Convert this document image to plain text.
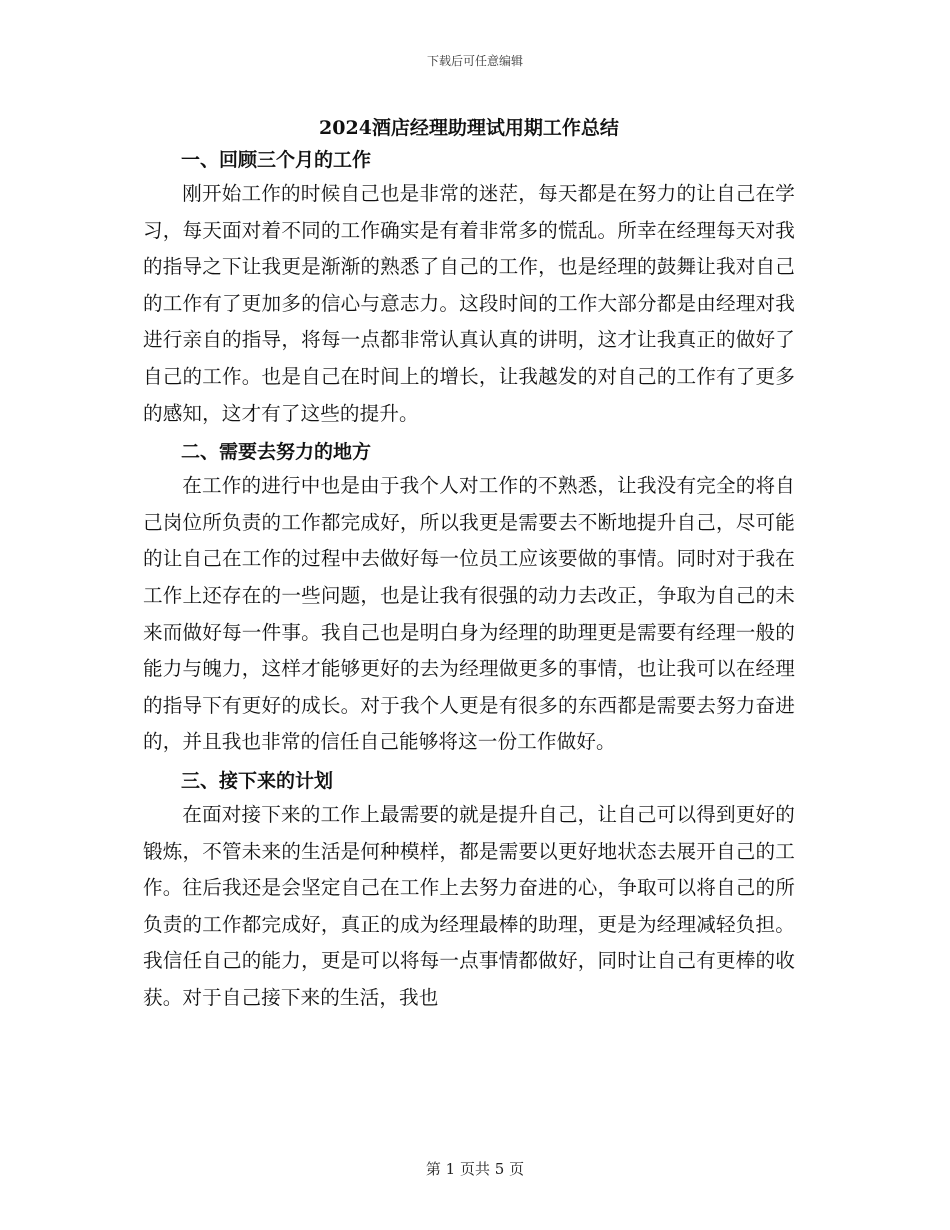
下载后可任意编辑
2024酒店经理助理试用期工作总结
一、回顾三个月的工作

刚开始工作的时候自己也是非常的迷茫，每天都是在努力的让自己在学习，每天面对着不同的工作确实是有着非常多的慌乱。所幸在经理每天对我的指导之下让我更是渐渐的熟悉了自己的工作，也是经理的鼓舞让我对自己的工作有了更加多的信心与意志力。这段时间的工作大部分都是由经理对我进行亲自的指导，将每一点都非常认真认真的讲明，这才让我真正的做好了自己的工作。也是自己在时间上的增长，让我越发的对自己的工作有了更多的感知，这才有了这些的提升。

二、需要去努力的地方

在工作的进行中也是由于我个人对工作的不熟悉，让我没有完全的将自己岗位所负责的工作都完成好，所以我更是需要去不断地提升自己，尽可能的让自己在工作的过程中去做好每一位员工应该要做的事情。同时对于我在工作上还存在的一些问题，也是让我有很强的动力去改正，争取为自己的未来而做好每一件事。我自己也是明白身为经理的助理更是需要有经理一般的能力与魄力，这样才能够更好的去为经理做更多的事情，也让我可以在经理的指导下有更好的成长。对于我个人更是有很多的东西都是需要去努力奋进的，并且我也非常的信任自己能够将这一份工作做好。

三、接下来的计划

在面对接下来的工作上最需要的就是提升自己，让自己可以得到更好的锻炼，不管未来的生活是何种模样，都是需要以更好地状态去展开自己的工作。往后我还是会坚定自己在工作上去努力奋进的心，争取可以将自己的所负责的工作都完成好，真正的成为经理最棒的助理，更是为经理减轻负担。我信任自己的能力，更是可以将每一点事情都做好，同时让自己有更棒的收获。对于自己接下来的生活，我也

第 1 页共 5 页
